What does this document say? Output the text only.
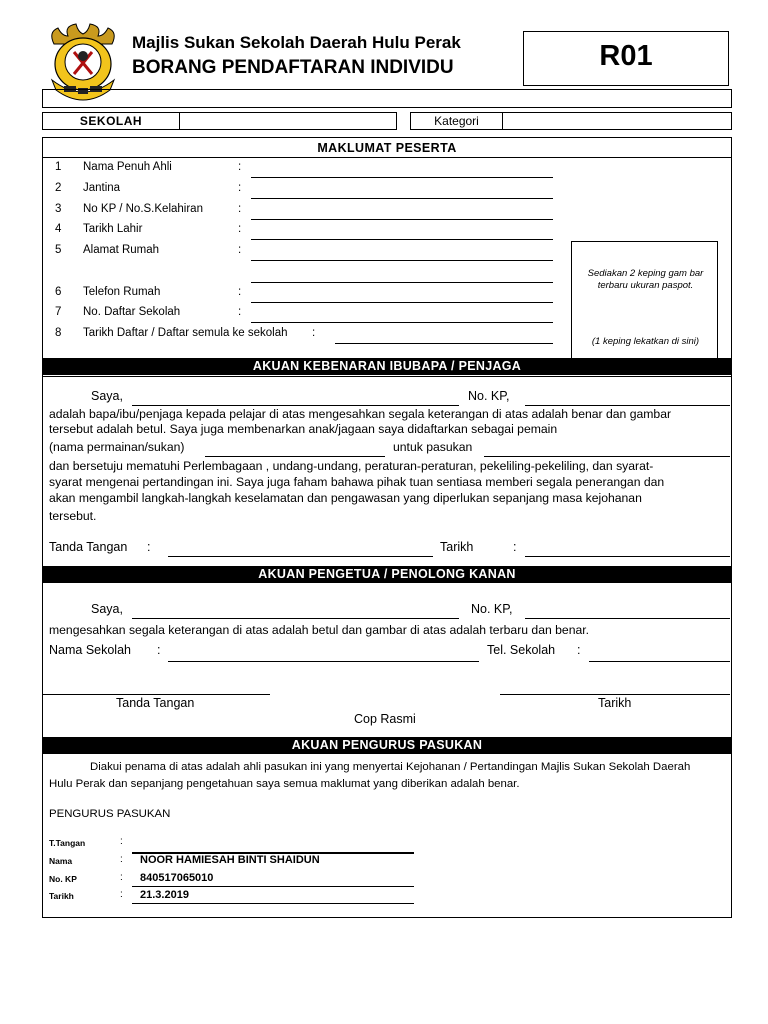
Majlis Sukan Sekolah Daerah Hulu Perak
BORANG PENDAFTARAN INDIVIDU	R01
SEKOLAH	Kategori
MAKLUMAT PESERTA
1 Nama Penuh Ahli	:
2 Jantina	:
3 No KP / No.S.Kelahiran	:
4 Tarikh Lahir	:
5 Alamat Rumah	:
6 Telefon Rumah	:
7 No. Daftar Sekolah	:
8 Tarikh Daftar / Daftar semula ke sekolah :
Sediakan 2 keping gam bar terbaru ukuran paspot.
(1 keping lekatkan di sini)
AKUAN KEBENARAN IBUBAPA / PENJAGA
Saya,	No. KP,
adalah bapa/ibu/penjaga kepada pelajar di atas mengesahkan segala keterangan di atas adalah benar dan gambar
tersebut adalah betul. Saya juga membenarkan anak/jagaan saya didaftarkan sebagai pemain
(nama permainan/sukan)	untuk pasukan
dan bersetuju mematuhi Perlembagaan , undang-undang, peraturan-peraturan, pekeliling-pekeliling, dan syarat-
syarat mengenai pertandingan ini. Saya juga faham bahawa pihak tuan sentiasa memberi segala penerangan dan
akan mengambil langkah-langkah keselamatan dan pengawasan yang diperlukan sepanjang masa kejohanan
tersebut.
Tanda Tangan :	Tarikh	:
AKUAN PENGETUA / PENOLONG KANAN
Saya,	No. KP,
mengesahkan segala keterangan di atas adalah betul dan gambar di atas adalah terbaru dan benar.
Nama Sekolah :	Tel. Sekolah :
Tanda Tangan	Tarikh
Cop Rasmi
AKUAN PENGURUS PASUKAN
Diakui penama di atas adalah ahli pasukan ini yang menyertai Kejohanan / Pertandingan Majlis Sukan Sekolah Daerah
Hulu Perak dan sepanjang pengetahuan saya semua maklumat yang diberikan adalah benar.
PENGURUS PASUKAN
T.Tangan	:
Nama	: NOOR HAMIESAH BINTI SHAIDUN
No. KP	: 840517065010
Tarikh	: 21.3.2019
